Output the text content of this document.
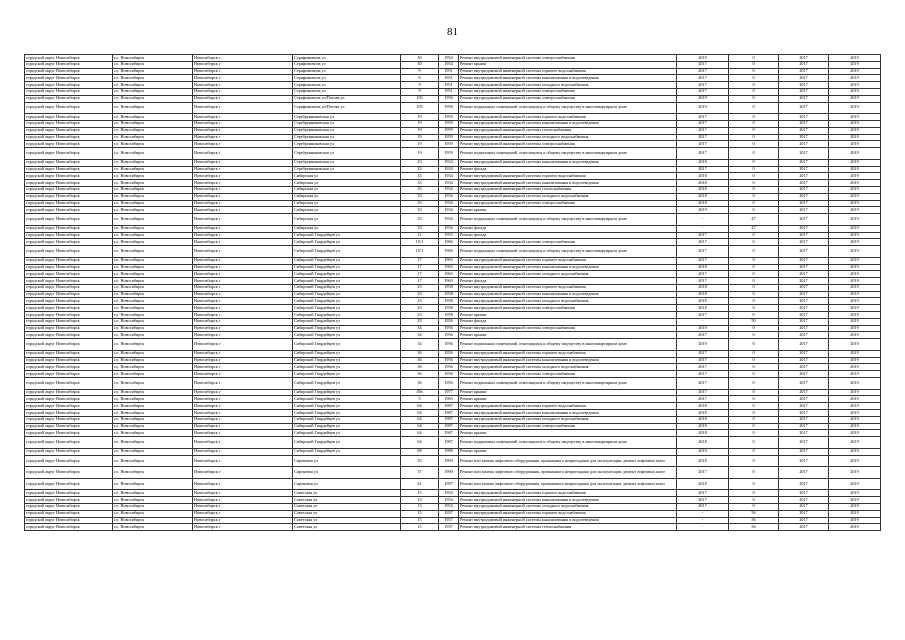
81
городской округ Новосибирск	г.о. Новосибирск	Новосибирск г	Серафимовича ул	30	1954	Ремонт внутридомовой инженерной системы электроснабжения	2019	0	2017	2019
городской округ Новосибирск	г.о. Новосибирск	Новосибирск г	Серафимовича ул	30	1954	Ремонт крыши	2017	0	2017	2019
городской округ Новосибирск	г.о. Новосибирск	Новосибирск г	Серафимовича ул	9	1951	Ремонт внутридомовой инженерной системы горячего водоснабжения	2017	0	2017	2019
городской округ Новосибирск	г.о. Новосибирск	Новосибирск г	Серафимовича ул	9	1951	Ремонт внутридомовой инженерной системы канализования и водоотведения	2017	0	2017	2019
городской округ Новосибирск	г.о. Новосибирск	Новосибирск г	Серафимовича ул	9	1951	Ремонт внутридомовой инженерной системы холодного водоснабжения	2017	0	2017	2019
городской округ Новосибирск	г.о. Новосибирск	Новосибирск г	Серафимовича ул	9	1951	Ремонт внутридомовой инженерной системы электроснабжения	2017	0	2017	2019
городской округ Новосибирск	г.о. Новосибирск	Новосибирск г	Серафимовича ул/Потова ул	103	1956	Ремонт внутридомовой инженерной системы электроснабжения	2019	0	2017	2019
городской округ Новосибирск	г.о. Новосибирск	Новосибирск г	Серафимовича ул/Потова ул	103	1956	Ремонт подвальных помещений, относящихся к общему имуществу в многоквартирном доме	2019	0	2017	2019
городской округ Новосибирск	г.о. Новосибирск	Новосибирск г	Серебренниковская ул	19	1959	Ремонт внутридомовой инженерной системы горячего водоснабжения	2017	0	2017	2019
городской округ Новосибирск	г.о. Новосибирск	Новосибирск г	Серебренниковская ул	19	1959	Ремонт внутридомовой инженерной системы канализования и водоотведения	2017	0	2017	2019
городской округ Новосибирск	г.о. Новосибирск	Новосибирск г	Серебренниковская ул	19	1959	Ремонт внутридомовой инженерной системы теплоснабжения	2017	0	2017	2019
городской округ Новосибирск	г.о. Новосибирск	Новосибирск г	Серебренниковская ул	19	1959	Ремонт внутридомовой инженерной системы холодного водоснабжения	2017	0	2017	2019
городской округ Новосибирск	г.о. Новосибирск	Новосибирск г	Серебренниковская ул	19	1959	Ремонт внутридомовой инженерной системы электроснабжения	2017	0	2017	2019
городской округ Новосибирск	г.о. Новосибирск	Новосибирск г	Серебренниковская ул	19	1959	Ремонт подвальных помещений, относящихся к общему имуществу в многоквартирном доме	2017	0	2017	2019
городской округ Новосибирск	г.о. Новосибирск	Новосибирск г	Серебренниковская ул	23	1934	Ремонт внутридомовой инженерной системы канализования и водоотведения	2018	0	2017	2019
городской округ Новосибирск	г.о. Новосибирск	Новосибирск г	Серебренниковская ул	23	1934	Ремонт фасада	2017	0	2017	2019
городской округ Новосибирск	г.о. Новосибирск	Новосибирск г	Сибирская ул	33	1934	Ремонт внутридомовой инженерной системы горячего водоснабжения	2018	0	2017	2019
городской округ Новосибирск	г.о. Новосибирск	Новосибирск г	Сибирская ул	33	1934	Ремонт внутридомовой инженерной системы канализования и водоотведения	2018	0	2017	2019
городской округ Новосибирск	г.о. Новосибирск	Новосибирск г	Сибирская ул	33	1934	Ремонт внутридомовой инженерной системы теплоснабжения	2018	0	2017	2019
городской округ Новосибирск	г.о. Новосибирск	Новосибирск г	Сибирская ул	33	1934	Ремонт внутридомовой инженерной системы холодного водоснабжения	2018	0	2017	2019
городской округ Новосибирск	г.о. Новосибирск	Новосибирск г	Сибирская ул	33	1934	Ремонт внутридомовой инженерной системы электроснабжения	2018	0	2017	2019
городской округ Новосибирск	г.о. Новосибирск	Новосибирск г	Сибирская ул	33	1934	Ремонт крыши	2019	0	2017	2019
городской округ Новосибирск	г.о. Новосибирск	Новосибирск г	Сибирская ул	33	1934	Ремонт подвальных помещений, относящихся к общему имуществу в многоквартирном доме	-	47	2017	2019
городской округ Новосибирск	г.о. Новосибирск	Новосибирск г	Сибирская ул	33	1934	Ремонт фасада	-	47	2017	2019
городской округ Новосибирск	г.о. Новосибирск	Новосибирск г	Сибирской Гвардейцев ул	11	1955	Ремонт фасада	2017	0	2017	2019
городской округ Новосибирск	г.о. Новосибирск	Новосибирск г	Сибирской Гвардейцев ул	15/1	1966	Ремонт внутридомовой инженерной системы электроснабжения	2017	0	2017	2019
городской округ Новосибирск	г.о. Новосибирск	Новосибирск г	Сибирской Гвардейцев ул	15/1	1966	Ремонт подвальных помещений, относящихся к общему имуществу в многоквартирном доме	2017	0	2017	2019
городской округ Новосибирск	г.о. Новосибирск	Новосибирск г	Сибирской Гвардейцев ул	17	1963	Ремонт внутридомовой инженерной системы горячего водоснабжения	2017	0	2017	2019
городской округ Новосибирск	г.о. Новосибирск	Новосибирск г	Сибирской Гвардейцев ул	17	1963	Ремонт внутридомовой инженерной системы канализования и водоотведения	2018	0	2017	2019
городской округ Новосибирск	г.о. Новосибирск	Новосибирск г	Сибирской Гвардейцев ул	17	1963	Ремонт внутридомовой инженерной системы холодного водоснабжения	2017	0	2017	2019
городской округ Новосибирск	г.о. Новосибирск	Новосибирск г	Сибирской Гвардейцев ул	17	1963	Ремонт фасада	2017	0	2017	2019
городской округ Новосибирск	г.о. Новосибирск	Новосибирск г	Сибирской Гвардейцев ул	23	1958	Ремонт внутридомовой инженерной системы горячего водоснабжения	2018	0	2017	2019
городской округ Новосибирск	г.о. Новосибирск	Новосибирск г	Сибирской Гвардейцев ул	23	1958	Ремонт внутридомовой инженерной системы канализования и водоотведения	2018	0	2017	2019
городской округ Новосибирск	г.о. Новосибирск	Новосибирск г	Сибирской Гвардейцев ул	23	1958	Ремонт внутридомовой инженерной системы холодного водоснабжения	2018	0	2017	2019
городской округ Новосибирск	г.о. Новосибирск	Новосибирск г	Сибирской Гвардейцев ул	23	1958	Ремонт внутридомовой инженерной системы электроснабжения	2018	0	2017	2019
городской округ Новосибирск	г.о. Новосибирск	Новосибирск г	Сибирской Гвардейцев ул	23	1958	Ремонт крыши	2017	0	2017	2019
городской округ Новосибирск	г.о. Новосибирск	Новосибирск г	Сибирской Гвардейцев ул	29	1956	Ремонт фасада	-	50	2017	2019
городской округ Новосибирск	г.о. Новосибирск	Новосибирск г	Сибирской Гвардейцев ул	34	1956	Ремонт внутридомовой инженерной системы электроснабжения	2019	0	2017	2019
городской округ Новосибирск	г.о. Новосибирск	Новосибирск г	Сибирской Гвардейцев ул	34	1956	Ремонт крыши	2017	0	2017	2019
городской округ Новосибирск	г.о. Новосибирск	Новосибирск г	Сибирской Гвардейцев ул	34	1956	Ремонт подвальных помещений, относящихся к общему имуществу в многоквартирном доме	2019	0	2017	2019
городской округ Новосибирск	г.о. Новосибирск	Новосибирск г	Сибирской Гвардейцев ул	36	1956	Ремонт внутридомовой инженерной системы горячего водоснабжения	2017	0	2017	2019
городской округ Новосибирск	г.о. Новосибирск	Новосибирск г	Сибирской Гвардейцев ул	36	1956	Ремонт внутридомовой инженерной системы канализования и водоотведения	2017	0	2017	2019
городской округ Новосибирск	г.о. Новосибирск	Новосибирск г	Сибирской Гвардейцев ул	36	1956	Ремонт внутридомовой инженерной системы холодного водоснабжения	2017	0	2017	2019
городской округ Новосибирск	г.о. Новосибирск	Новосибирск г	Сибирской Гвардейцев ул	36	1956	Ремонт внутридомовой инженерной системы электроснабжения	2017	0	2017	2019
городской округ Новосибирск	г.о. Новосибирск	Новосибирск г	Сибирской Гвардейцев ул	36	1956	Ремонт подвальных помещений, относящихся к общему имуществу в многоквартирном доме	2017	0	2017	2019
городской округ Новосибирск	г.о. Новосибирск	Новосибирск г	Сибирской Гвардейцев ул	49а	1977	Ремонт крыши	2017	0	2017	2019
городской округ Новосибирск	г.о. Новосибирск	Новосибирск г	Сибирской Гвардейцев ул	5	1963	Ремонт крыши	2017	0	2017	2019
городской округ Новосибирск	г.о. Новосибирск	Новосибирск г	Сибирской Гвардейцев ул	64	1987	Ремонт внутридомовой инженерной системы горячего водоснабжения	2018	0	2017	2019
городской округ Новосибирск	г.о. Новосибирск	Новосибирск г	Сибирской Гвардейцев ул	64	1987	Ремонт внутридомовой инженерной системы канализования и водоотведения	2018	0	2017	2019
городской округ Новосибирск	г.о. Новосибирск	Новосибирск г	Сибирской Гвардейцев ул	64	1987	Ремонт внутридомовой инженерной системы холодного водоснабжения	2018	0	2017	2019
городской округ Новосибирск	г.о. Новосибирск	Новосибирск г	Сибирской Гвардейцев ул	64	1987	Ремонт внутридомовой инженерной системы электроснабжения	2018	0	2017	2019
городской округ Новосибирск	г.о. Новосибирск	Новосибирск г	Сибирской Гвардейцев ул	64	1987	Ремонт крыши	2018	0	2017	2019
городской округ Новосибирск	г.о. Новосибирск	Новосибирск г	Сибирской Гвардейцев ул	64	1987	Ремонт подвальных помещений, относящихся к общему имуществу в многоквартирном доме	2018	0	2017	2019
городской округ Новосибирск	г.о. Новосибирск	Новосибирск г	Сибирской Гвардейцев ул	68	1988	Ремонт крыши	2019	0	2017	2019
городской округ Новосибирск	г.о. Новосибирск	Новосибирск г	Сиреневая ул	33	1994	Ремонт или замена лифтового оборудования, признанного непригодным для эксплуатации, ремонт лифтовых шахт	2018	0	2017	2019
городской округ Новосибирск	г.о. Новосибирск	Новосибирск г	Сиреневая ул	37	1990	Ремонт или замена лифтового оборудования, признанного непригодным для эксплуатации, ремонт лифтовых шахт	2017	0	2017	2019
городской округ Новосибирск	г.о. Новосибирск	Новосибирск г	Сиреневая ул	41	1997	Ремонт или замена лифтового оборудования, признанного непригодным для эксплуатации, ремонт лифтовых шахт	2018	0	2017	2019
городской округ Новосибирск	г.о. Новосибирск	Новосибирск г	Советская ул	13	1954	Ремонт внутридомовой инженерной системы горячего водоснабжения	2017	0	2017	2019
городской округ Новосибирск	г.о. Новосибирск	Новосибирск г	Советская ул	13	1954	Ремонт внутридомовой инженерной системы канализования и водоотведения	2017	0	2017	2019
городской округ Новосибирск	г.о. Новосибирск	Новосибирск г	Советская ул	13	1954	Ремонт внутридомовой инженерной системы холодного водоснабжения	2017	0	2017	2019
городской округ Новосибирск	г.о. Новосибирск	Новосибирск г	Советская ул	15	1937	Ремонт внутридомовой инженерной системы горячего водоснабжения	-	56	2017	2019
городской округ Новосибирск	г.о. Новосибирск	Новосибирск г	Советская ул	15	1937	Ремонт внутридомовой инженерной системы канализования и водоотведения	-	56	2017	2019
городской округ Новосибирск	г.о. Новосибирск	Новосибирск г	Советская ул	15	1937	Ремонт внутридомовой инженерной системы теплоснабжения	-	56	2017	2019
